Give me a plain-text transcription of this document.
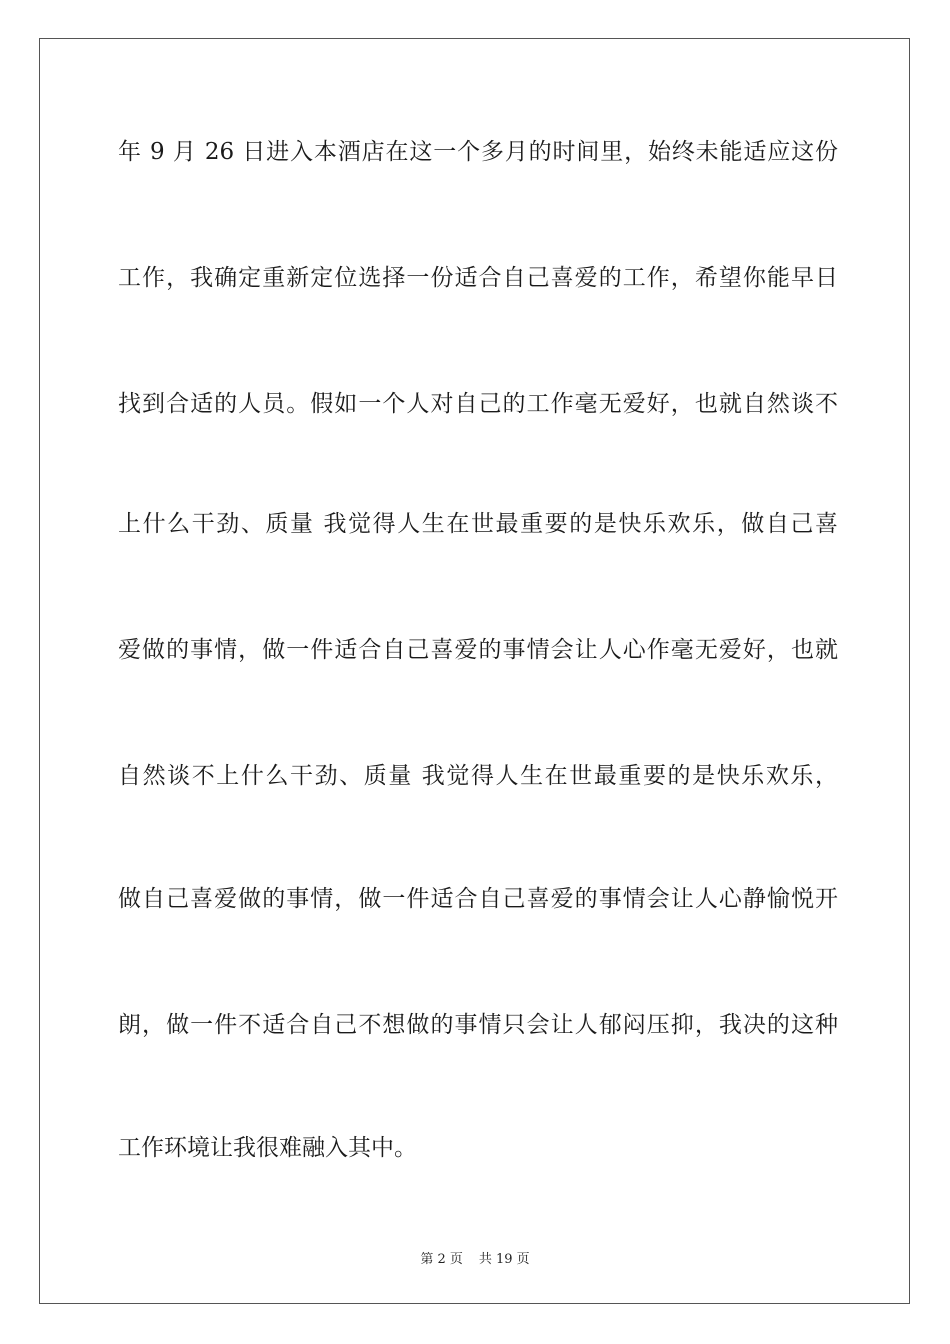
年 9 月 26 日进入本酒店在这一个多月的时间里，始终未能适应这份

工作，我确定重新定位选择一份适合自己喜爱的工作，希望你能早日

找到合适的人员。假如一个人对自己的工作毫无爱好，也就自然谈不

上什么干劲、质量 我觉得人生在世最重要的是快乐欢乐，做自己喜

爱做的事情，做一件适合自己喜爱的事情会让人心作毫无爱好，也就

自然谈不上什么干劲、质量 我觉得人生在世最重要的是快乐欢乐，

做自己喜爱做的事情，做一件适合自己喜爱的事情会让人心静愉悦开

朗，做一件不适合自己不想做的事情只会让人郁闷压抑，我决的这种

工作环境让我很难融入其中。

第 2 页 共 19 页
